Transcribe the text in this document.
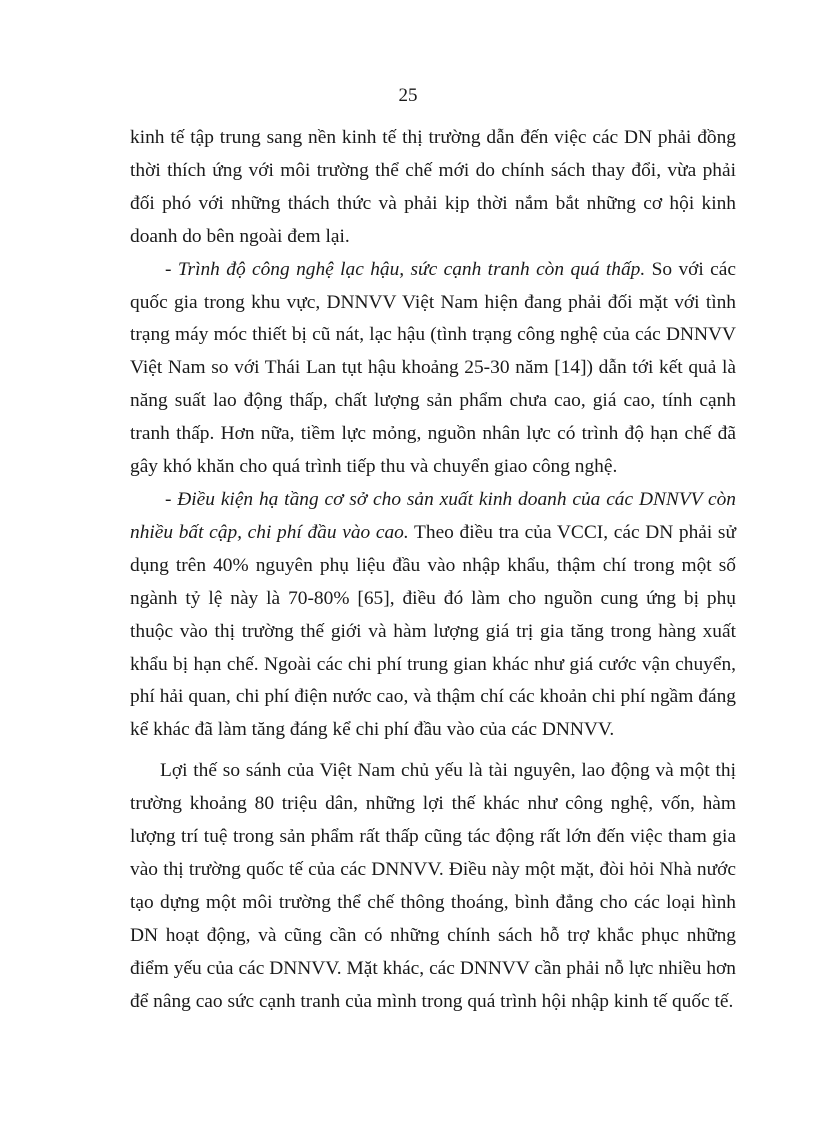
25

kinh tế tập trung sang nền kinh tế thị trường dẫn đến việc các DN phải đồng thời thích ứng với môi trường thể chế mới do chính sách thay đổi, vừa phải đối phó với những thách thức và phải kịp thời nắm bắt những cơ hội kinh doanh do bên ngoài đem lại.

- Trình độ công nghệ lạc hậu, sức cạnh tranh còn quá thấp. So với các quốc gia trong khu vực, DNNVV Việt Nam hiện đang phải đối mặt với tình trạng máy móc thiết bị cũ nát, lạc hậu (tình trạng công nghệ của các DNNVV Việt Nam so với Thái Lan tụt hậu khoảng 25-30 năm [14]) dẫn tới kết quả là năng suất lao động thấp, chất lượng sản phẩm chưa cao, giá cao, tính cạnh tranh thấp. Hơn nữa, tiềm lực mỏng, nguồn nhân lực có trình độ hạn chế đã gây khó khăn cho quá trình tiếp thu và chuyển giao công nghệ.

- Điều kiện hạ tầng cơ sở cho sản xuất kinh doanh của các DNNVV còn nhiều bất cập, chi phí đầu vào cao. Theo điều tra của VCCI, các DN phải sử dụng trên 40% nguyên phụ liệu đầu vào nhập khẩu, thậm chí trong một số ngành tỷ lệ này là 70-80% [65], điều đó làm cho nguồn cung ứng bị phụ thuộc vào thị trường thế giới và hàm lượng giá trị gia tăng trong hàng xuất khẩu bị hạn chế. Ngoài các chi phí trung gian khác như giá cước vận chuyển, phí hải quan, chi phí điện nước cao, và thậm chí các khoản chi phí ngầm đáng kể khác đã làm tăng đáng kể chi phí đầu vào của các DNNVV.

Lợi thế so sánh của Việt Nam chủ yếu là tài nguyên, lao động và một thị trường khoảng 80 triệu dân, những lợi thế khác như công nghệ, vốn, hàm lượng trí tuệ trong sản phẩm rất thấp cũng tác động rất lớn đến việc tham gia vào thị trường quốc tế của các DNNVV. Điều này một mặt, đòi hỏi Nhà nước tạo dựng một môi trường thể chế thông thoáng, bình đẳng cho các loại hình DN hoạt động, và cũng cần có những chính sách hỗ trợ khắc phục những điểm yếu của các DNNVV. Mặt khác, các DNNVV cần phải nỗ lực nhiều hơn để nâng cao sức cạnh tranh của mình trong quá trình hội nhập kinh tế quốc tế.
